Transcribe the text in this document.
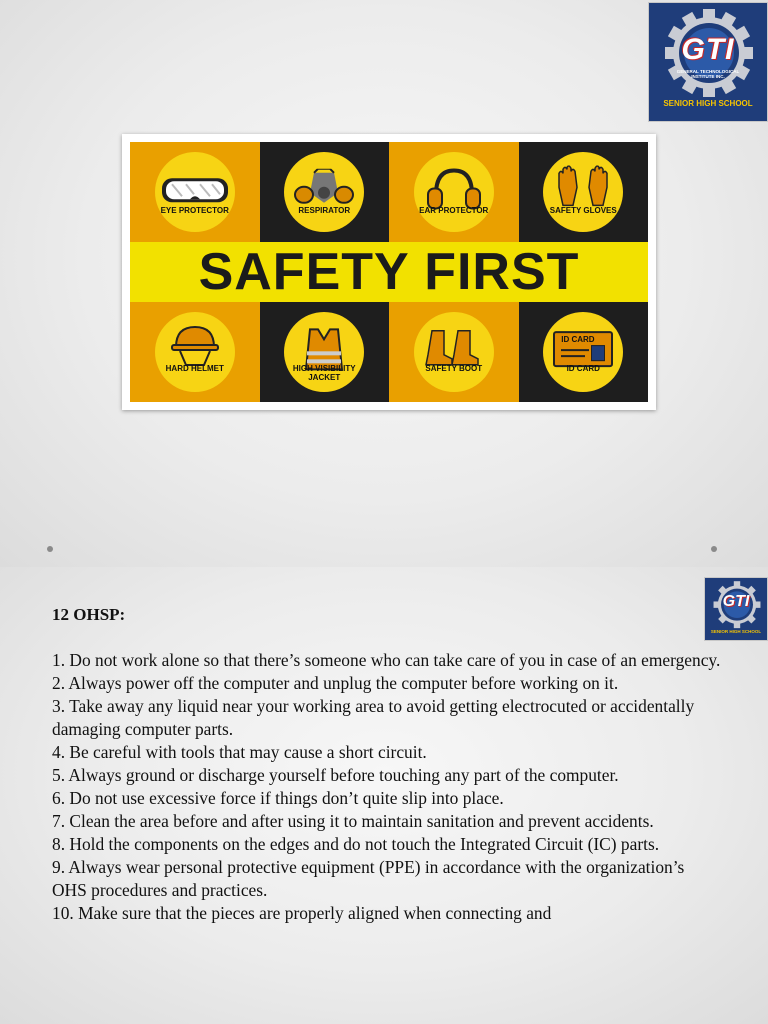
GTI
GENERAL TECHNOLOGICAL INSTITUTE INC.
SENIOR HIGH SCHOOL
EYE PROTECTOR	RESPIRATOR	EAR PROTECTOR	SAFETY GLOVES
SAFETY FIRST
HARD HELMET	HIGH VISIBILITY
JACKET
SAFETY BOOT
ID CARD
ID CARD
GTI
SENIOR HIGH SCHOOL
12 OHSP:
1. Do not work alone so that there’s someone who can take care of you in case of an emergency.
2. Always power off the computer and unplug the computer before working on it.
3. Take away any liquid near your working area to avoid getting electrocuted or accidentally damaging computer parts.
4. Be careful with tools that may cause a short circuit.
5. Always ground or discharge yourself before touching any part of the computer.
6. Do not use excessive force if things don’t quite slip into place.
7. Clean the area before and after using it to maintain sanitation and prevent accidents.
8. Hold the components on the edges and do not touch the Integrated Circuit (IC) parts.
9. Always wear personal protective equipment (PPE) in accordance with the organization’s OHS procedures and practices.
10. Make sure that the pieces are properly aligned when connecting and
